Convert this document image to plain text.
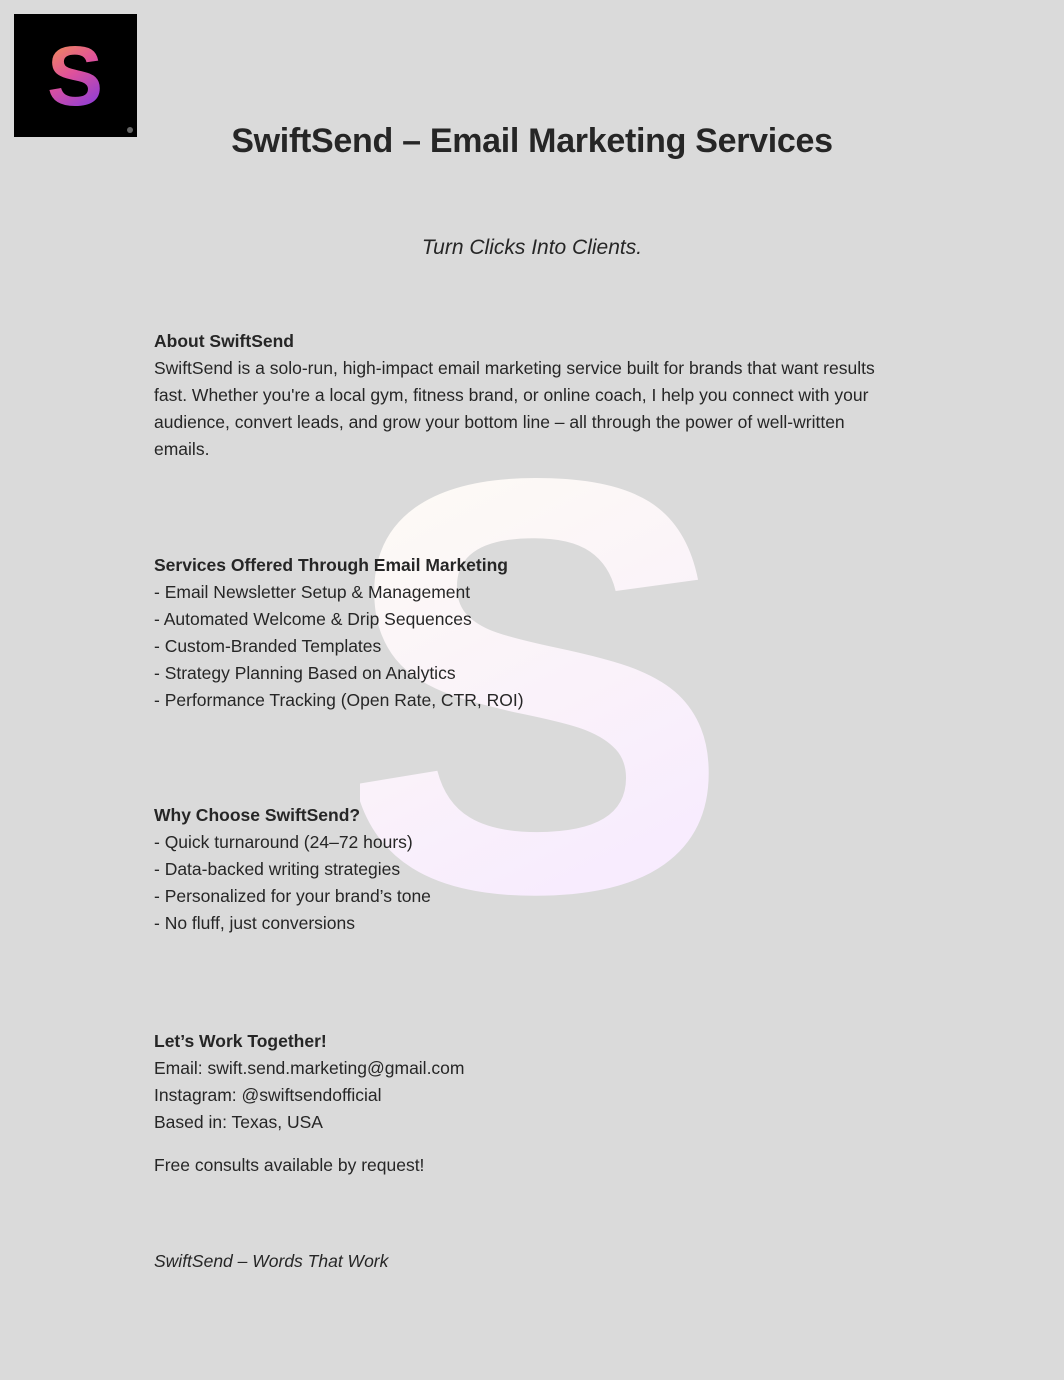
S
S
SwiftSend – Email Marketing Services

Turn Clicks Into Clients.

About SwiftSend

SwiftSend is a solo-run, high-impact email marketing service built for brands that want results fast. Whether you're a local gym, fitness brand, or online coach, I help you connect with your audience, convert leads, and grow your bottom line – all through the power of well-written emails.

Services Offered Through Email Marketing
- Email Newsletter Setup & Management
- Automated Welcome & Drip Sequences
- Custom-Branded Templates
- Strategy Planning Based on Analytics
- Performance Tracking (Open Rate, CTR, ROI)
Why Choose SwiftSend?
- Quick turnaround (24–72 hours)
- Data-backed writing strategies
- Personalized for your brand’s tone
- No fluff, just conversions
Let’s Work Together!

Email: swift.send.marketing@gmail.com

Instagram: @swiftsendofficial

Based in: Texas, USA

Free consults available by request!

SwiftSend – Words That Work
